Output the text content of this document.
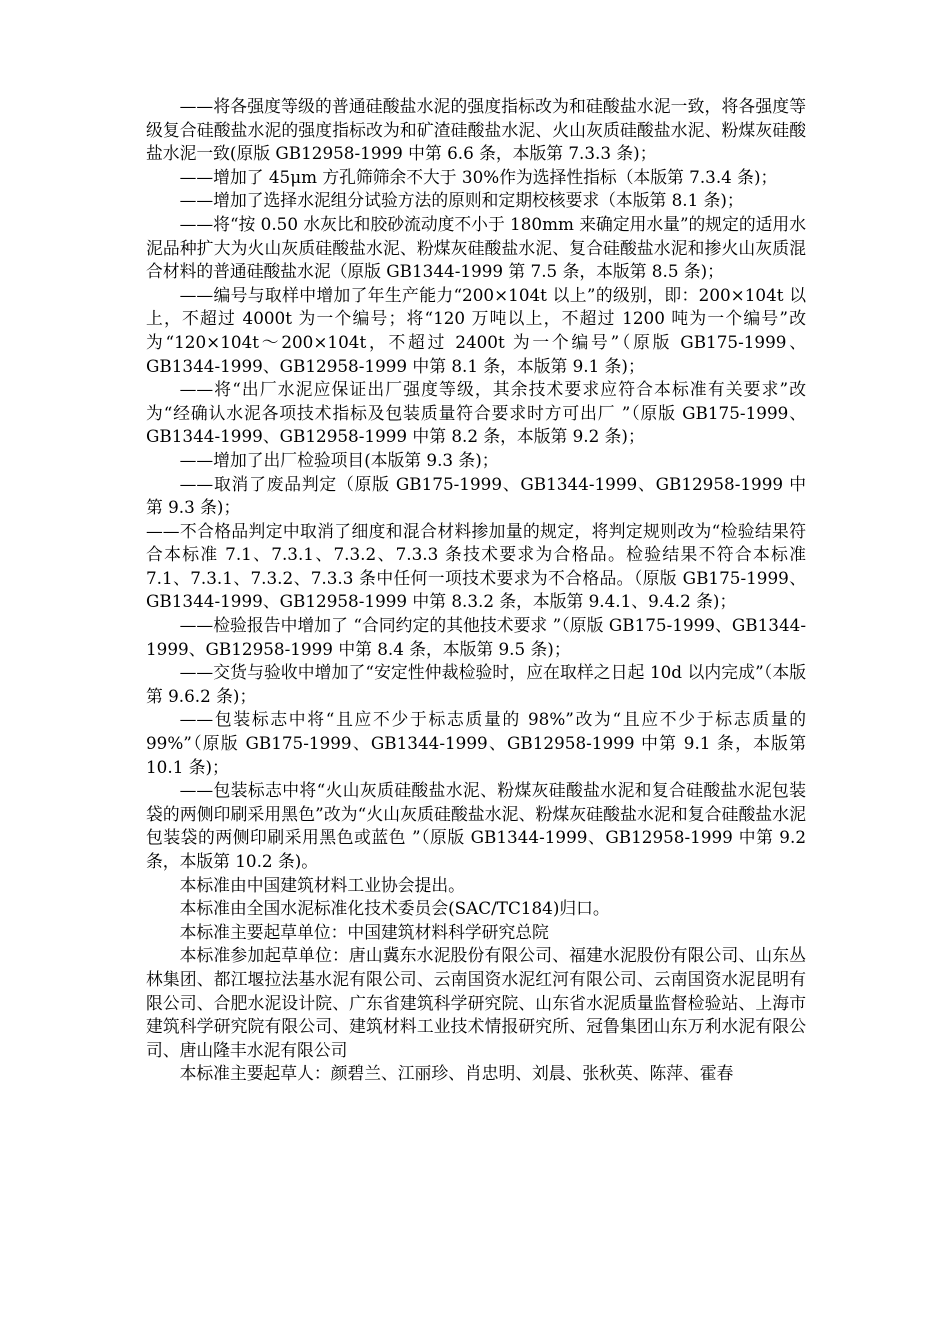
——将各强度等级的普通硅酸盐水泥的强度指标改为和硅酸盐水泥一致，将各强度等级复合硅酸盐水泥的强度指标改为和矿渣硅酸盐水泥、火山灰质硅酸盐水泥、粉煤灰硅酸盐水泥一致(原版 GB12958-1999 中第 6.6 条，本版第 7.3.3 条)；

——增加了 45μm 方孔筛筛余不大于 30%作为选择性指标（本版第 7.3.4 条)；

——增加了选择水泥组分试验方法的原则和定期校核要求（本版第 8.1 条)；

——将“按 0.50 水灰比和胶砂流动度不小于 180mm 来确定用水量”的规定的适用水泥品种扩大为火山灰质硅酸盐水泥、粉煤灰硅酸盐水泥、复合硅酸盐水泥和掺火山灰质混合材料的普通硅酸盐水泥（原版 GB1344-1999 第 7.5 条，本版第 8.5 条)；

——编号与取样中增加了年生产能力“200×104t 以上”的级别，即：200×104t 以上，不超过 4000t 为一个编号；将“120 万吨以上，不超过 1200 吨为一个编号”改为“120×104t～200×104t，不超过 2400t 为一个编号”（原版 GB175-1999、GB1344-1999、GB12958-1999 中第 8.1 条，本版第 9.1 条)；

——将“出厂水泥应保证出厂强度等级，其余技术要求应符合本标准有关要求”改为“经确认水泥各项技术指标及包装质量符合要求时方可出厂 ”（原版 GB175-1999、GB1344-1999、GB12958-1999 中第 8.2 条，本版第 9.2 条)；

——增加了出厂检验项目(本版第 9.3 条)；

——取消了废品判定（原版 GB175-1999、GB1344-1999、GB12958-1999 中第 9.3 条)；

——不合格品判定中取消了细度和混合材料掺加量的规定，将判定规则改为“检验结果符合本标准 7.1、7.3.1、7.3.2、7.3.3 条技术要求为合格品。检验结果不符合本标准 7.1、7.3.1、7.3.2、7.3.3 条中任何一项技术要求为不合格品。（原版 GB175-1999、GB1344-1999、GB12958-1999 中第 8.3.2 条，本版第 9.4.1、9.4.2 条)；

——检验报告中增加了 “合同约定的其他技术要求 ”（原版 GB175-1999、GB1344-1999、GB12958-1999 中第 8.4 条，本版第 9.5 条)；

——交货与验收中增加了“安定性仲裁检验时，应在取样之日起 10d 以内完成”（本版第 9.6.2 条)；

——包装标志中将“且应不少于标志质量的 98%”改为“且应不少于标志质量的 99%”（原版 GB175-1999、GB1344-1999、GB12958-1999 中第 9.1 条，本版第 10.1 条)；

——包装标志中将“火山灰质硅酸盐水泥、粉煤灰硅酸盐水泥和复合硅酸盐水泥包装袋的两侧印刷采用黑色”改为“火山灰质硅酸盐水泥、粉煤灰硅酸盐水泥和复合硅酸盐水泥包装袋的两侧印刷采用黑色或蓝色 ”（原版 GB1344-1999、GB12958-1999 中第 9.2 条，本版第 10.2 条)。

本标准由中国建筑材料工业协会提出。

本标准由全国水泥标准化技术委员会(SAC/TC184)归口。

本标准主要起草单位：中国建筑材料科学研究总院

本标准参加起草单位：唐山冀东水泥股份有限公司、福建水泥股份有限公司、山东丛林集团、都江堰拉法基水泥有限公司、云南国资水泥红河有限公司、云南国资水泥昆明有限公司、合肥水泥设计院、广东省建筑科学研究院、山东省水泥质量监督检验站、上海市建筑科学研究院有限公司、建筑材料工业技术情报研究所、冠鲁集团山东万利水泥有限公司、唐山隆丰水泥有限公司

本标准主要起草人：颜碧兰、江丽珍、肖忠明、刘晨、张秋英、陈萍、霍春
